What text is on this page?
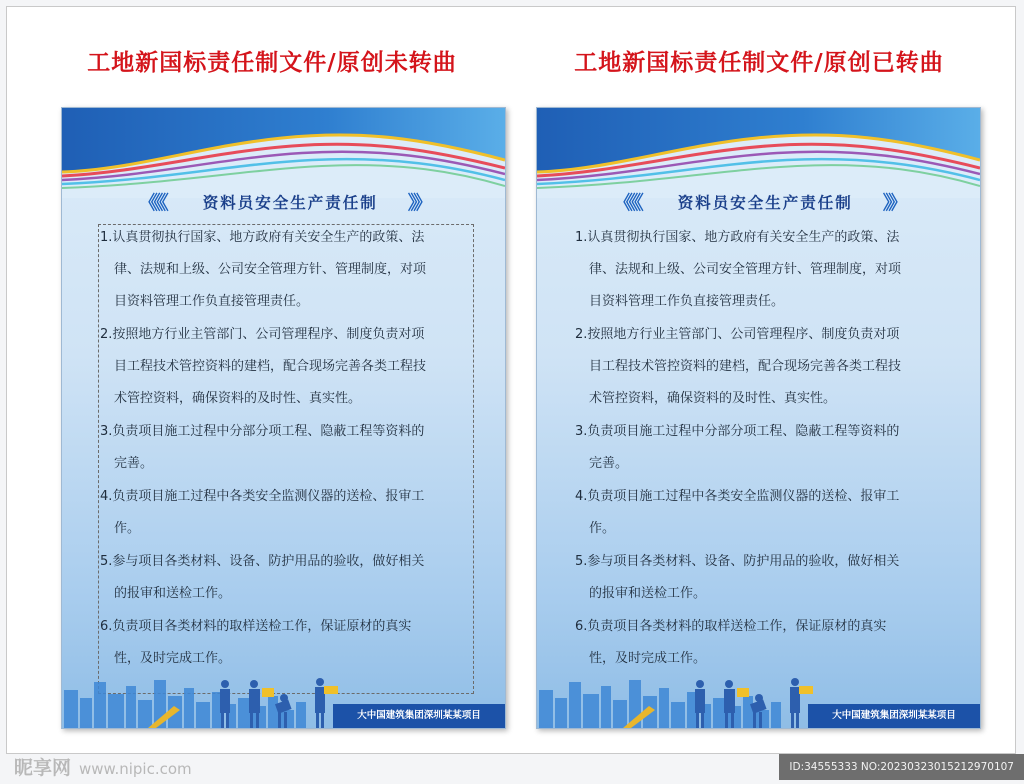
工地新国标责任制文件/原创未转曲
《《《 资料员安全生产责任制 》》
1.认真贯彻执行国家、地方政府有关安全生产的政策、法
律、法规和上级、公司安全管理方针、管理制度，对项
目资料管理工作负直接管理责任。
2.按照地方行业主管部门、公司管理程序、制度负责对项
目工程技术管控资料的建档，配合现场完善各类工程技
术管控资料，确保资料的及时性、真实性。
3.负责项目施工过程中分部分项工程、隐蔽工程等资料的
完善。
4.负责项目施工过程中各类安全监测仪器的送检、报审工
作。
5.参与项目各类材料、设备、防护用品的验收，做好相关
的报审和送检工作。
6.负责项目各类材料的取样送检工作，保证原材的真实
性，及时完成工作。
大中国建筑集团深圳某某项目
工地新国标责任制文件/原创已转曲
《《《 资料员安全生产责任制 》》
1.认真贯彻执行国家、地方政府有关安全生产的政策、法
律、法规和上级、公司安全管理方针、管理制度，对项
目资料管理工作负直接管理责任。
2.按照地方行业主管部门、公司管理程序、制度负责对项
目工程技术管控资料的建档，配合现场完善各类工程技
术管控资料，确保资料的及时性、真实性。
3.负责项目施工过程中分部分项工程、隐蔽工程等资料的
完善。
4.负责项目施工过程中各类安全监测仪器的送检、报审工
作。
5.参与项目各类材料、设备、防护用品的验收，做好相关
的报审和送检工作。
6.负责项目各类材料的取样送检工作，保证原材的真实
性，及时完成工作。
大中国建筑集团深圳某某项目
昵享网 www.nipic.com	ID:34555333 NO:20230323015212970107
